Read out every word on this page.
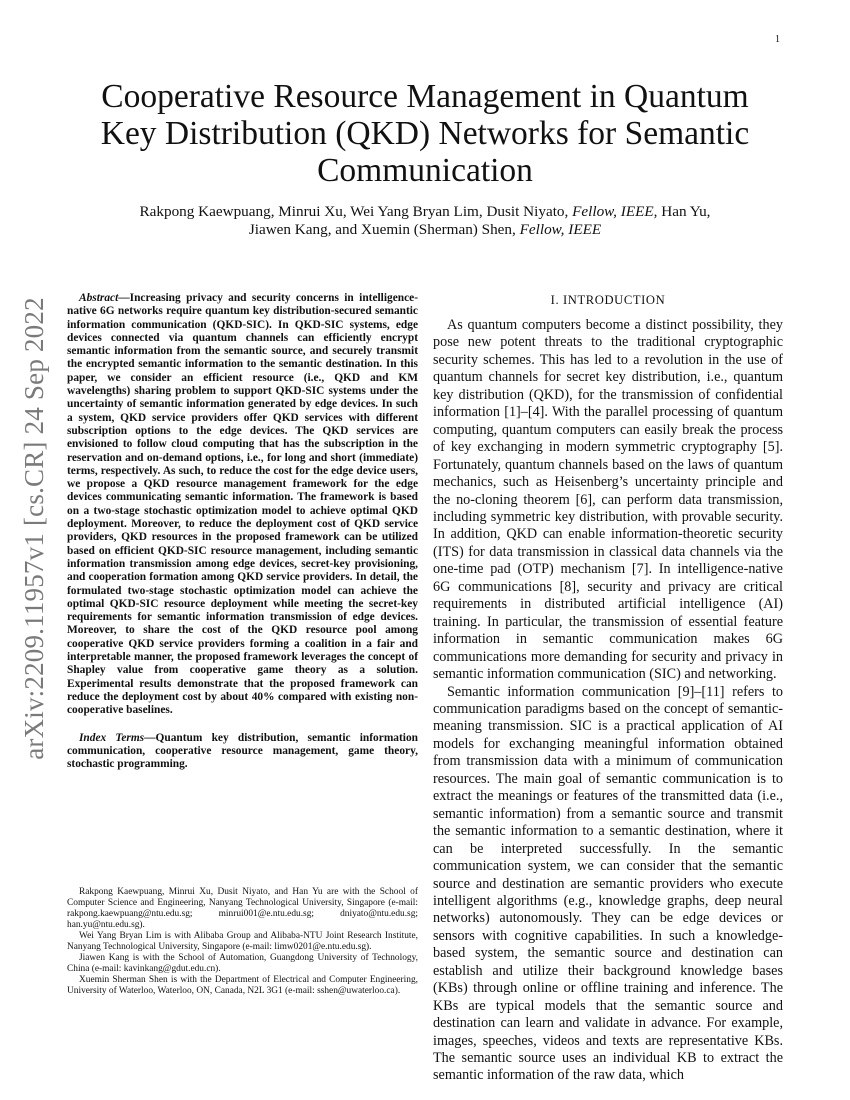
1
arXiv:2209.11957v1 [cs.CR] 24 Sep 2022
Cooperative Resource Management in Quantum Key Distribution (QKD) Networks for Semantic Communication

Rakpong Kaewpuang, Minrui Xu, Wei Yang Bryan Lim, Dusit Niyato, Fellow, IEEE, Han Yu,
Jiawen Kang, and Xuemin (Sherman) Shen, Fellow, IEEE

Abstract—Increasing privacy and security concerns in intelligence-native 6G networks require quantum key distribution-secured semantic information communication (QKD-SIC). In QKD-SIC systems, edge devices connected via quantum channels can efficiently encrypt semantic information from the semantic source, and securely transmit the encrypted semantic information to the semantic destination. In this paper, we consider an efficient resource (i.e., QKD and KM wavelengths) sharing problem to support QKD-SIC systems under the uncertainty of semantic information generated by edge devices. In such a system, QKD service providers offer QKD services with different subscription options to the edge devices. The QKD services are envisioned to follow cloud computing that has the subscription in the reservation and on-demand options, i.e., for long and short (immediate) terms, respectively. As such, to reduce the cost for the edge device users, we propose a QKD resource management framework for the edge devices communicating semantic information. The framework is based on a two-stage stochastic optimization model to achieve optimal QKD deployment. Moreover, to reduce the deployment cost of QKD service providers, QKD resources in the proposed framework can be utilized based on efficient QKD-SIC resource management, including semantic information transmission among edge devices, secret-key provisioning, and cooperation formation among QKD service providers. In detail, the formulated two-stage stochastic optimization model can achieve the optimal QKD-SIC resource deployment while meeting the secret-key requirements for semantic information transmission of edge devices. Moreover, to share the cost of the QKD resource pool among cooperative QKD service providers forming a coalition in a fair and interpretable manner, the proposed framework leverages the concept of Shapley value from cooperative game theory as a solution. Experimental results demonstrate that the proposed framework can reduce the deployment cost by about 40% compared with existing non-cooperative baselines.

Index Terms—Quantum key distribution, semantic information communication, cooperative resource management, game theory, stochastic programming.

Rakpong Kaewpuang, Minrui Xu, Dusit Niyato, and Han Yu are with the School of Computer Science and Engineering, Nanyang Technological University, Singapore (e-mail: rakpong.kaewpuang@ntu.edu.sg; minrui001@e.ntu.edu.sg; dniyato@ntu.edu.sg; han.yu@ntu.edu.sg).

Wei Yang Bryan Lim is with Alibaba Group and Alibaba-NTU Joint Research Institute, Nanyang Technological University, Singapore (e-mail: limw0201@e.ntu.edu.sg).

Jiawen Kang is with the School of Automation, Guangdong University of Technology, China (e-mail: kavinkang@gdut.edu.cn).

Xuemin Sherman Shen is with the Department of Electrical and Computer Engineering, University of Waterloo, Waterloo, ON, Canada, N2L 3G1 (e-mail: sshen@uwaterloo.ca).

I. INTRODUCTION

As quantum computers become a distinct possibility, they pose new potent threats to the traditional cryptographic security schemes. This has led to a revolution in the use of quantum channels for secret key distribution, i.e., quantum key distribution (QKD), for the transmission of confidential information [1]–[4]. With the parallel processing of quantum computing, quantum computers can easily break the process of key exchanging in modern symmetric cryptography [5]. Fortunately, quantum channels based on the laws of quantum mechanics, such as Heisenberg’s uncertainty principle and the no-cloning theorem [6], can perform data transmission, including symmetric key distribution, with provable security. In addition, QKD can enable information-theoretic security (ITS) for data transmission in classical data channels via the one-time pad (OTP) mechanism [7]. In intelligence-native 6G communications [8], security and privacy are critical requirements in distributed artificial intelligence (AI) training. In particular, the transmission of essential feature information in semantic communication makes 6G communications more demanding for security and privacy in semantic information communication (SIC) and networking.

Semantic information communication [9]–[11] refers to communication paradigms based on the concept of semantic-meaning transmission. SIC is a practical application of AI models for exchanging meaningful information obtained from transmission data with a minimum of communication resources. The main goal of semantic communication is to extract the meanings or features of the transmitted data (i.e., semantic information) from a semantic source and transmit the semantic information to a semantic destination, where it can be interpreted successfully. In the semantic communication system, we can consider that the semantic source and destination are semantic providers who execute intelligent algorithms (e.g., knowledge graphs, deep neural networks) autonomously. They can be edge devices or sensors with cognitive capabilities. In such a knowledge-based system, the semantic source and destination can establish and utilize their background knowledge bases (KBs) through online or offline training and inference. The KBs are typical models that the semantic source and destination can learn and validate in advance. For example, images, speeches, videos and texts are representative KBs. The semantic source uses an individual KB to extract the semantic information of the raw data, which
